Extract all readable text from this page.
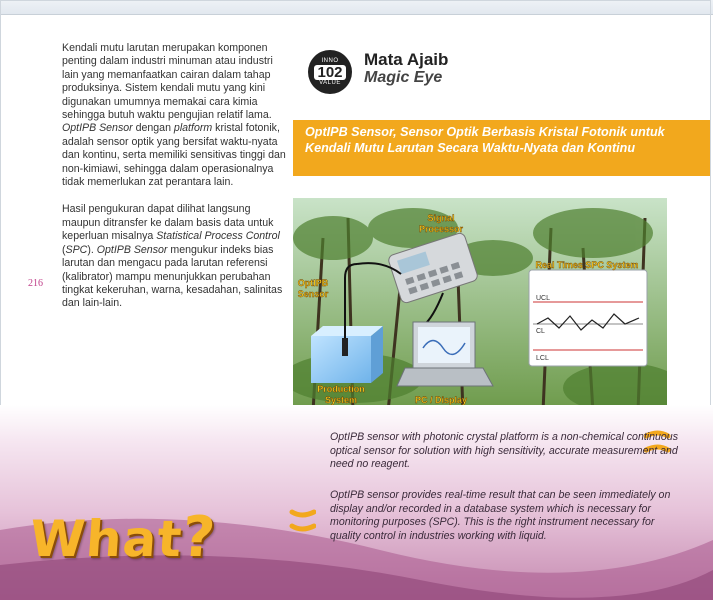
Kendali mutu larutan merupakan komponen penting dalam industri minuman atau industri lain yang memanfaatkan cairan dalam tahap produksinya. Sistem kendali mutu yang kini digunakan umumnya memakai cara kimia sehingga butuh waktu pengujian relatif lama. OptIPB Sensor dengan platform kristal fotonik, adalah sensor optik yang bersifat waktu-nyata dan kontinu, serta memiliki sensitivas tinggi dan non-kimiawi, sehingga dalam operasionalnya tidak memerlukan zat perantara lain.

Hasil pengukuran dapat dilihat langsung maupun ditransfer ke dalam basis data untuk keperluan misalnya Statistical Process Control (SPC). OptIPB Sensor mengukur indeks bias larutan dan mengacu pada larutan referensi (kalibrator) mampu menunjukkan perubahan tingkat kekeruhan, warna, kesadahan, salinitas dan lain-lain.

216
INNO
102
VALUE
Mata Ajaib
Magic Eye
OptIPB Sensor, Sensor Optik Berbasis Kristal Fotonik untuk Kendali Mutu Larutan Secara Waktu-Nyata dan Kontinu
UCL
CL
LCL
Signal
Processor
OptIPB
Sensor
Real Times SPC System
Production
System	PC / Display
What?
OptIPB sensor with photonic crystal platform is a non-chemical continuous optical sensor for solution with high sensitivity, accurate measurement and need no reagent.
OptIPB sensor provides real-time result that can be seen immediately on display and/or recorded in a database system which is necessary for monitoring purposes (SPC). This is the right instrument necessary for quality control in industries working with liquid.
